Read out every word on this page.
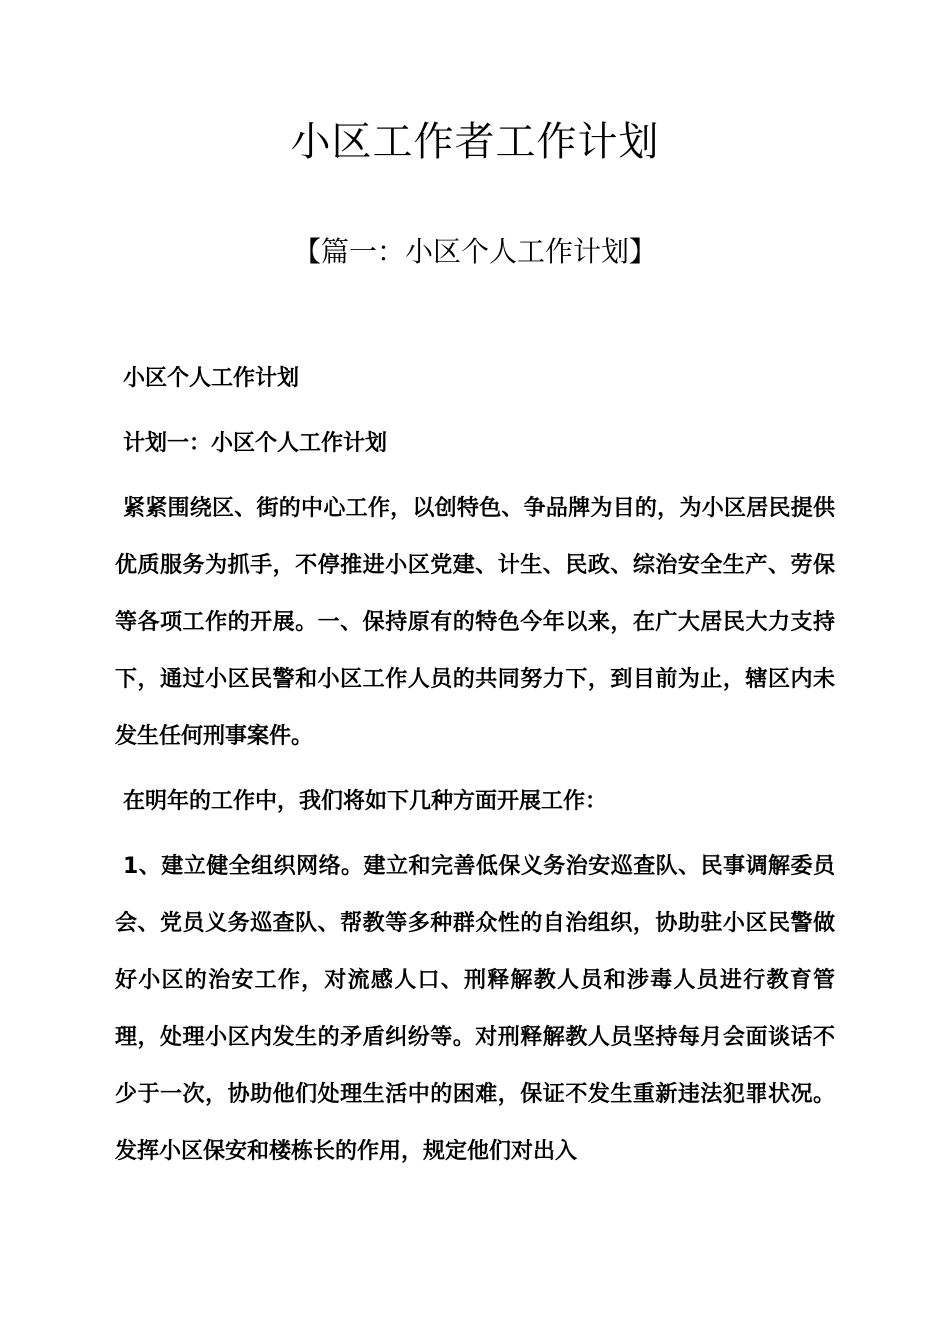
小区工作者工作计划
【篇一：小区个人工作计划】

小区个人工作计划

计划一：小区个人工作计划

紧紧围绕区、街的中心工作，以创特色、争品牌为目的，为小区居民提供优质服务为抓手，不停推进小区党建、计生、民政、综治安全生产、劳保等各项工作的开展。一、保持原有的特色今年以来，在广大居民大力支持下，通过小区民警和小区工作人员的共同努力下，到目前为止，辖区内未发生任何刑事案件。

在明年的工作中，我们将如下几种方面开展工作：

1、建立健全组织网络。建立和完善低保义务治安巡查队、民事调解委员会、党员义务巡查队、帮教等多种群众性的自治组织，协助驻小区民警做好小区的治安工作，对流感人口、刑释解教人员和涉毒人员进行教育管理，处理小区内发生的矛盾纠纷等。对刑释解教人员坚持每月会面谈话不少于一次，协助他们处理生活中的困难，保证不发生重新违法犯罪状况。发挥小区保安和楼栋长的作用，规定他们对出入
